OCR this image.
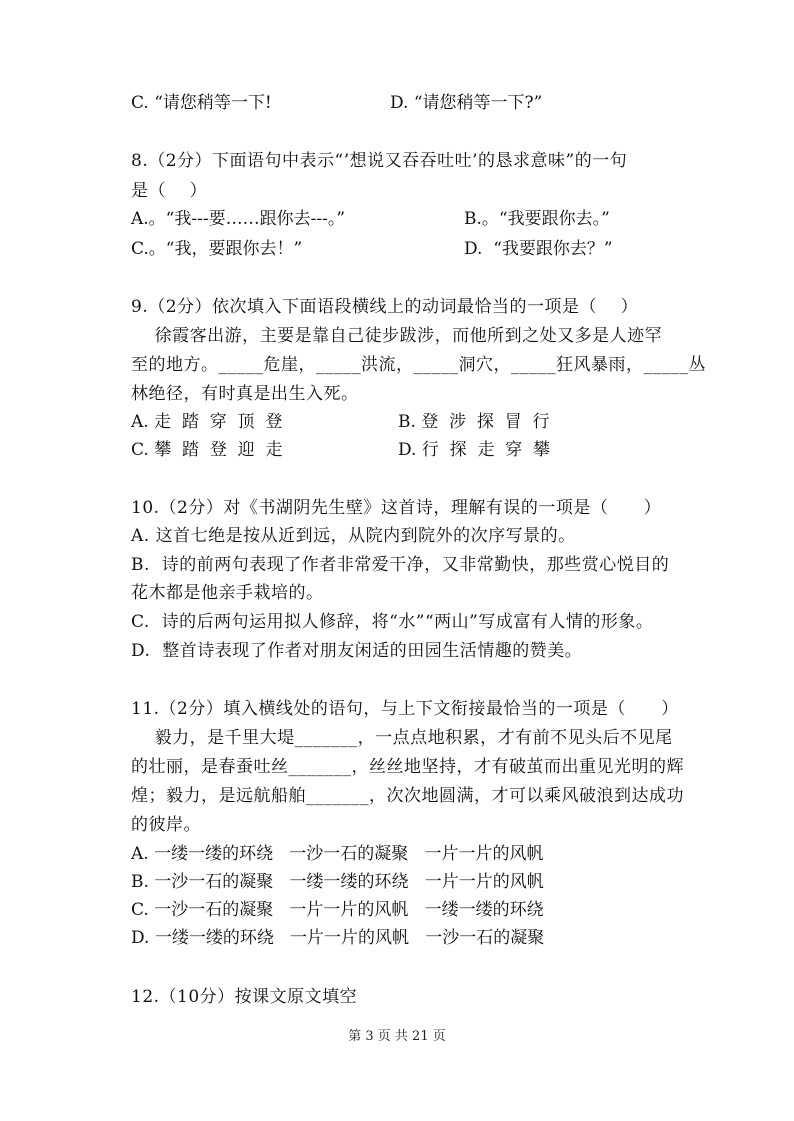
C. “请您稍等一下!	D. “请您稍等一下?”
8.（2分）下面语句中表示“’想说又吞吞吐吐’的恳求意味”的一句
是（    ）
A.。“我---要……跟你去---。”	B.。“我要跟你去。”
C.。“我，要跟你去！”	D.  “我要跟你去？”
9.（2分）依次填入下面语段横线上的动词最恰当的一项是（    ）
徐霞客出游，主要是靠自己徒步跋涉，而他所到之处又多是人迹罕
至的地方。_____危崖，_____洪流，_____洞穴，_____狂风暴雨，_____丛
林绝径，有时真是出生入死。
A. 走  踏  穿  顶  登	B. 登  涉  探  冒  行
C. 攀  踏  登  迎  走	D. 行  探  走  穿  攀
10.（2分）对《书湖阴先生壁》这首诗，理解有误的一项是（      ）
A. 这首七绝是按从近到远，从院内到院外的次序写景的。
B.  诗的前两句表现了作者非常爱干净，又非常勤快，那些赏心悦目的
花木都是他亲手栽培的。
C.  诗的后两句运用拟人修辞，将“水”“两山”写成富有人情的形象。
D.  整首诗表现了作者对朋友闲适的田园生活情趣的赞美。
11.（2分）填入横线处的语句，与上下文衔接最恰当的一项是（      ）
毅力，是千里大堤_______，一点点地积累，才有前不见头后不见尾
的壮丽，是春蚕吐丝_______，丝丝地坚持，才有破茧而出重见光明的辉
煌；毅力，是远航船舶_______，次次地圆满，才可以乘风破浪到达成功
的彼岸。
A. 一缕一缕的环绕   一沙一石的凝聚   一片一片的风帆
B. 一沙一石的凝聚   一缕一缕的环绕   一片一片的风帆
C. 一沙一石的凝聚   一片一片的风帆   一缕一缕的环绕
D. 一缕一缕的环绕   一片一片的风帆   一沙一石的凝聚
12.（10分）按课文原文填空
第 3 页 共 21 页
